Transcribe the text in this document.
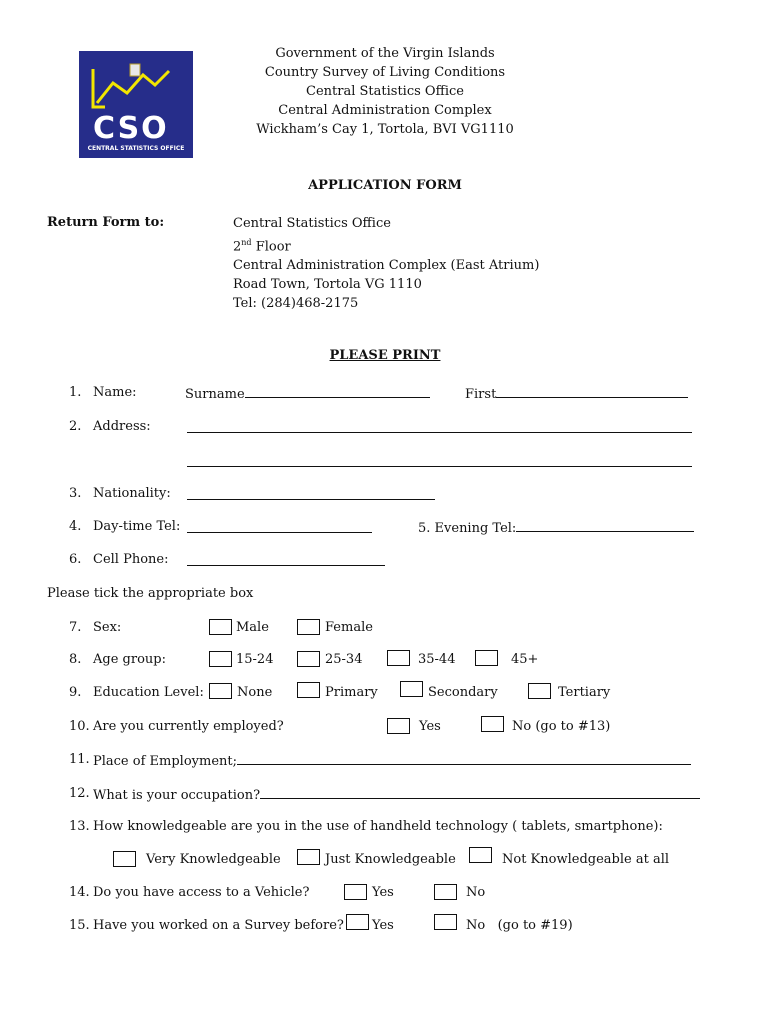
CSO
CENTRAL STATISTICS OFFICE
Government of the Virgin Islands
Country Survey of Living Conditions
Central Statistics Office
Central Administration Complex
Wickham’s Cay 1, Tortola, BVI VG1110
APPLICATION FORM
Return Form to:	Central Statistics Office
2nd Floor
Central Administration Complex (East Atrium)
Road Town, Tortola VG 1110
Tel: (284)468-2175
PLEASE PRINT
1. Name:	Surname	First
2. Address:
3. Nationality:
4. Day-time Tel:	5. Evening Tel:
6. Cell Phone:
Please tick the appropriate box
7. Sex:	Male	Female
8. Age group:	15-24	25-34	35-44	45+
9. Education Level:	None	Primary	Secondary	Tertiary
10. Are you currently employed?	Yes	No (go to #13)
11. Place of Employment;
12. What is your occupation?
13. How knowledgeable are you in the use of handheld technology ( tablets, smartphone):
Very Knowledgeable	Just Knowledgeable	Not Knowledgeable at all
14. Do you have access to a Vehicle?	Yes	No
15. Have you worked on a Survey before? Yes	No   (go to #19)
